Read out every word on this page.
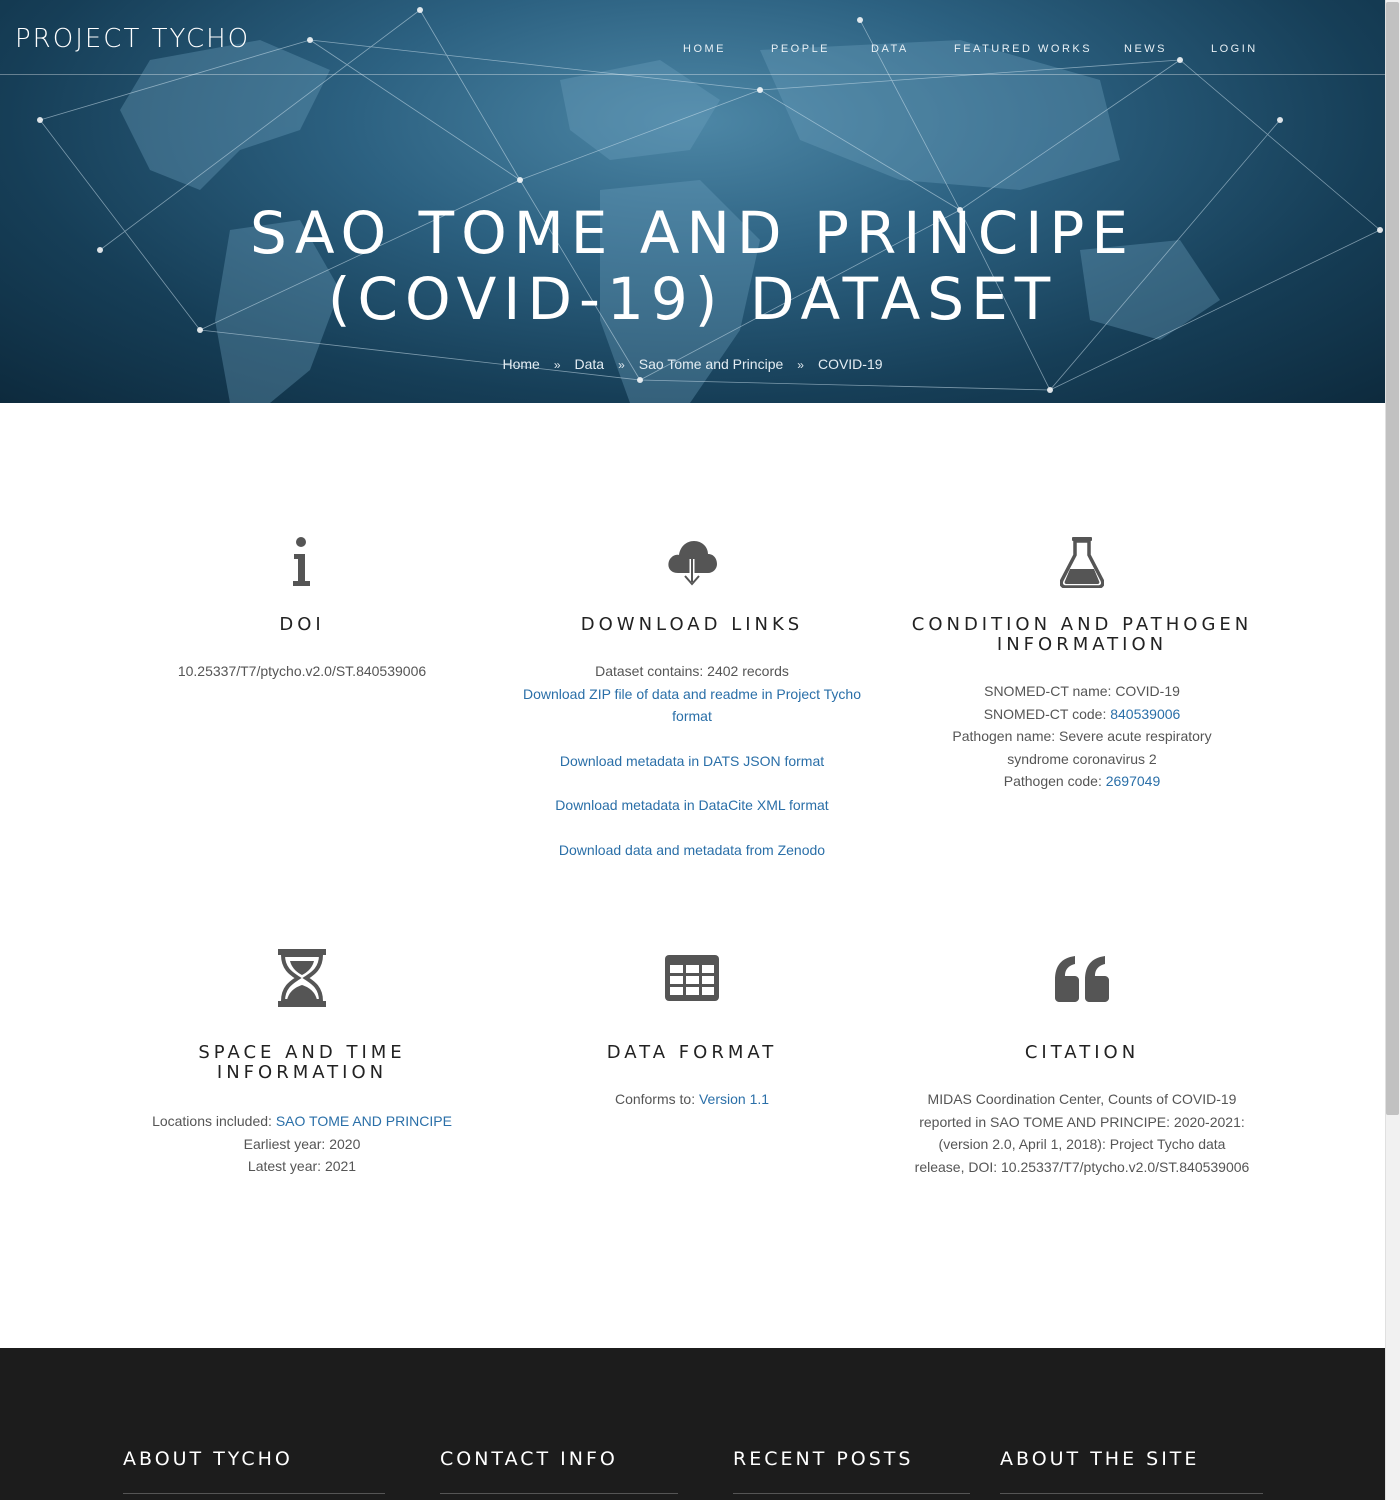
PROJECT TYCHO	HOME	PEOPLE	DATA	FEATURED WORKS	NEWS	LOGIN
SAO TOME AND PRINCIPE
(COVID-19) DATASET
Home » Data » Sao Tome and Principe » COVID-19
DOI

10.25337/T7/ptycho.v2.0/ST.840539006

DOWNLOAD LINKS

Dataset contains: 2402 records

Download ZIP file of data and readme in Project Tycho format

Download metadata in DATS JSON format

Download metadata in DataCite XML format

Download data and metadata from Zenodo

CONDITION AND PATHOGEN INFORMATION

SNOMED-CT name: COVID-19

SNOMED-CT code: 840539006

Pathogen name: Severe acute respiratory syndrome coronavirus 2

Pathogen code: 2697049

SPACE AND TIME INFORMATION

Locations included: SAO TOME AND PRINCIPE

Earliest year: 2020

Latest year: 2021

DATA FORMAT

Conforms to: Version 1.1

CITATION

MIDAS Coordination Center, Counts of COVID-19 reported in SAO TOME AND PRINCIPE: 2020-2021: (version 2.0, April 1, 2018): Project Tycho data release, DOI: 10.25337/T7/ptycho.v2.0/ST.840539006

ABOUT TYCHO	CONTACT INFO	RECENT POSTS	ABOUT THE SITE
